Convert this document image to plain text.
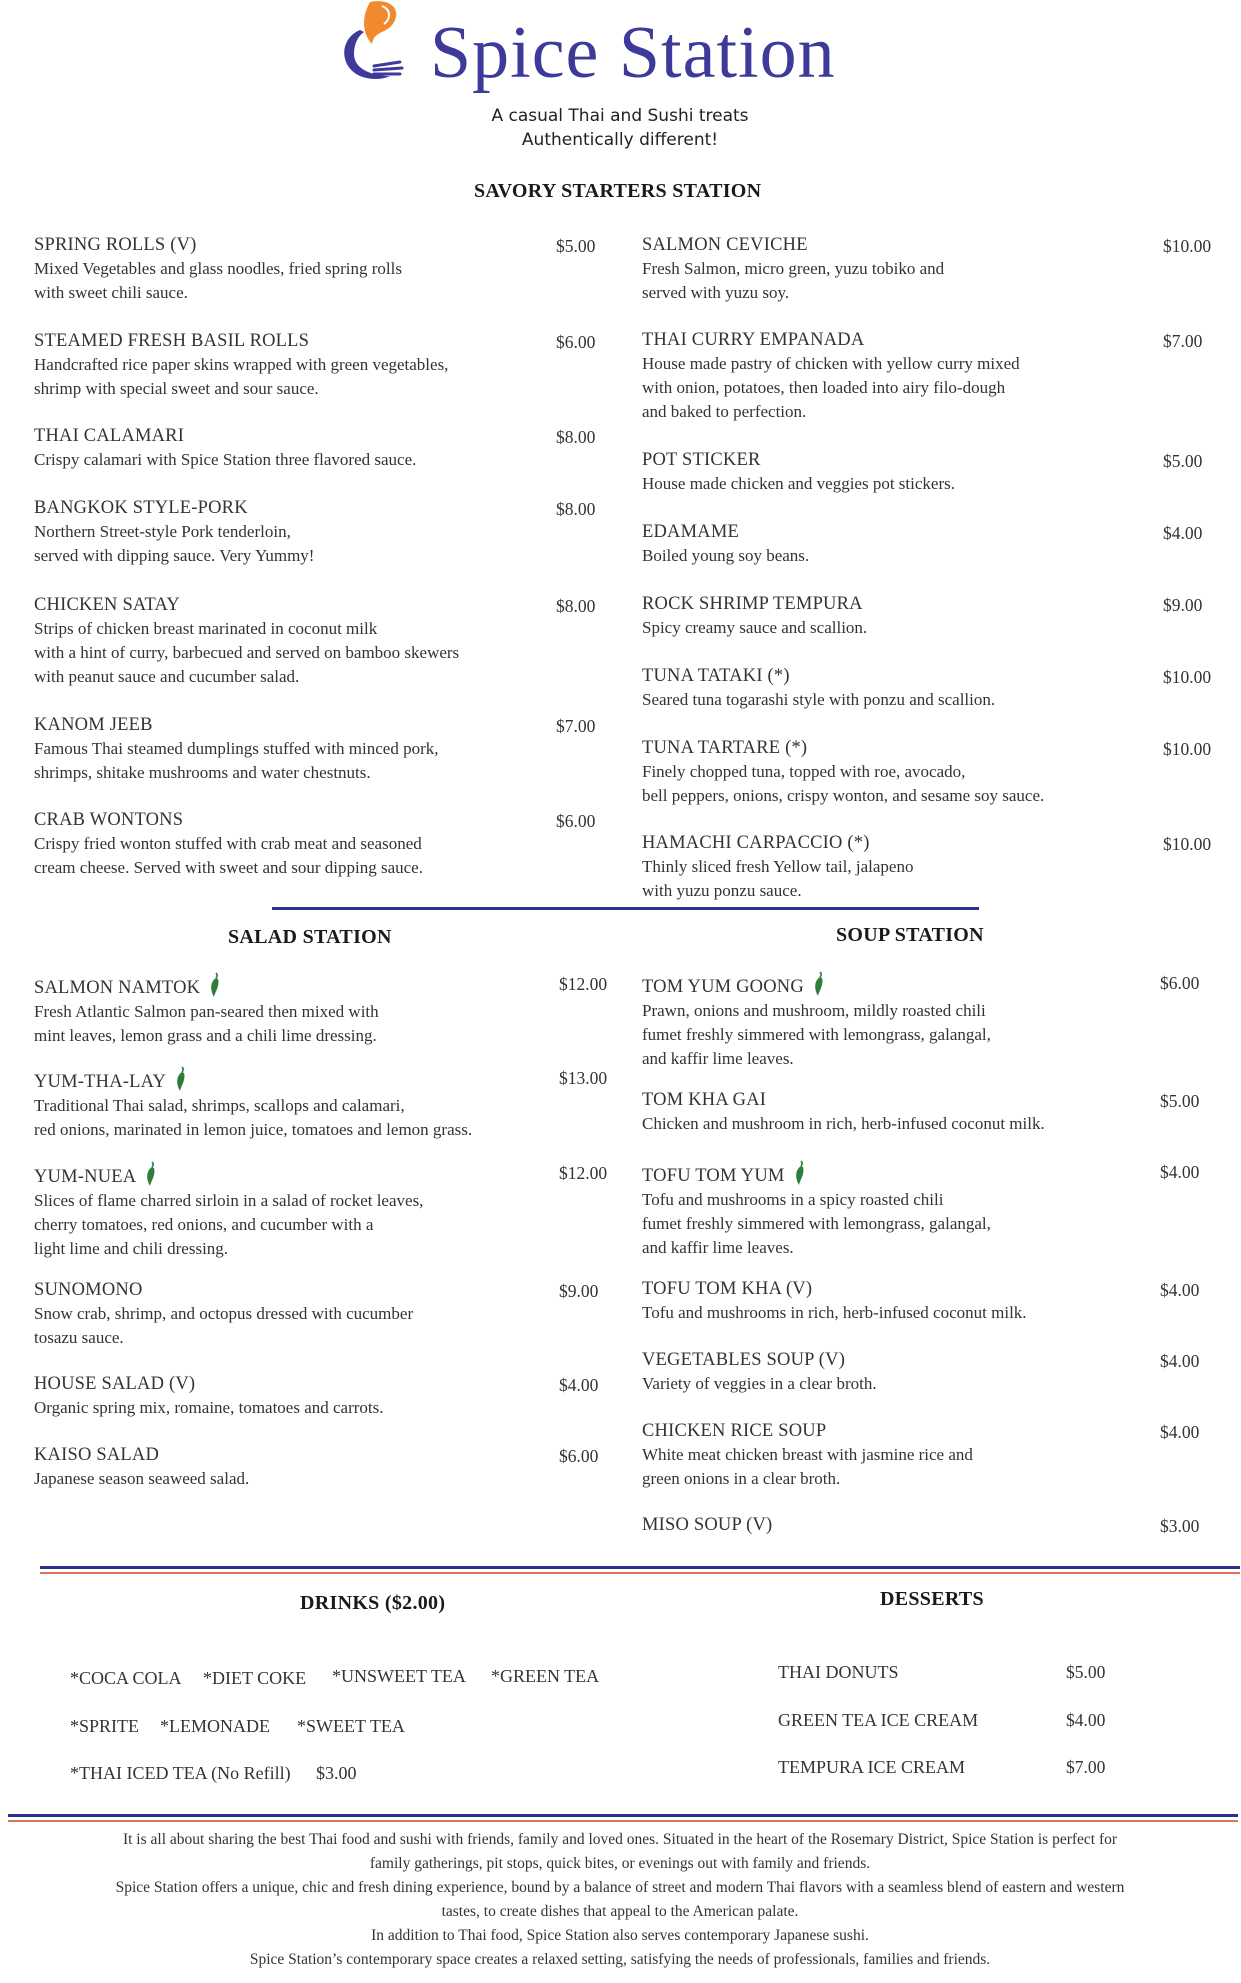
Spice Station
A casual Thai and Sushi treats
Authentically different!
SAVORY STARTERS STATION
SPRING ROLLS (V)
Mixed Vegetables and glass noodles, fried spring rolls
with sweet chili sauce.
$5.00
STEAMED FRESH BASIL ROLLS
Handcrafted rice paper skins wrapped with green vegetables,
shrimp with special sweet and sour sauce.
$6.00
THAI CALAMARI
Crispy calamari with Spice Station three flavored sauce.
$8.00
BANGKOK STYLE-PORK
Northern Street-style Pork tenderloin,
served with dipping sauce. Very Yummy!
$8.00
CHICKEN SATAY
Strips of chicken breast marinated in coconut milk
with a hint of curry, barbecued and served on bamboo skewers
with peanut sauce and cucumber salad.
$8.00
KANOM JEEB
Famous Thai steamed dumplings stuffed with minced pork,
shrimps, shitake mushrooms and water chestnuts.
$7.00
CRAB WONTONS
Crispy fried wonton stuffed with crab meat and seasoned
cream cheese. Served with sweet and sour dipping sauce.
$6.00
SALMON CEVICHE
Fresh Salmon, micro green, yuzu tobiko and
served with yuzu soy.
$10.00
THAI CURRY EMPANADA
House made pastry of chicken with yellow curry mixed
with onion, potatoes, then loaded into airy filo-dough
and baked to perfection.
$7.00
POT STICKER
House made chicken and veggies pot stickers.
$5.00
EDAMAME
Boiled young soy beans.
$4.00
ROCK SHRIMP TEMPURA
Spicy creamy sauce and scallion.
$9.00
TUNA TATAKI (*)
Seared tuna togarashi style with ponzu and scallion.
$10.00
TUNA TARTARE (*)
Finely chopped tuna, topped with roe, avocado,
bell peppers, onions, crispy wonton, and sesame soy sauce.
$10.00
HAMACHI CARPACCIO (*)
Thinly sliced fresh Yellow tail, jalapeno
with yuzu ponzu sauce.
$10.00
SALAD STATION	SOUP STATION
SALMON NAMTOK
Fresh Atlantic Salmon pan-seared then mixed with
mint leaves, lemon grass and a chili lime dressing.
$12.00
YUM-THA-LAY
Traditional Thai salad, shrimps, scallops and calamari,
red onions, marinated in lemon juice, tomatoes and lemon grass.
$13.00
YUM-NUEA
Slices of flame charred sirloin in a salad of rocket leaves,
cherry tomatoes, red onions, and cucumber with a
light lime and chili dressing.
$12.00
SUNOMONO
Snow crab, shrimp, and octopus dressed with cucumber
tosazu sauce.
$9.00
HOUSE SALAD (V)
Organic spring mix, romaine, tomatoes and carrots.
$4.00
KAISO SALAD
Japanese season seaweed salad.
$6.00
TOM YUM GOONG
Prawn, onions and mushroom, mildly roasted chili
fumet freshly simmered with lemongrass, galangal,
and kaffir lime leaves.
$6.00
TOM KHA GAI
Chicken and mushroom in rich, herb-infused coconut milk.
$5.00
TOFU TOM YUM
Tofu and mushrooms in a spicy roasted chili
fumet freshly simmered with lemongrass, galangal,
and kaffir lime leaves.
$4.00
TOFU TOM KHA (V)
Tofu and mushrooms in rich, herb-infused coconut milk.
$4.00
VEGETABLES SOUP (V)
Variety of veggies in a clear broth.
$4.00
CHICKEN RICE SOUP
White meat chicken breast with jasmine rice and
green onions in a clear broth.
$4.00
MISO SOUP (V)	$3.00
DRINKS ($2.00)	DESSERTS
*COCA COLA *DIET COKE *UNSWEET TEA *GREEN TEA
*SPRITE *LEMONADE *SWEET TEA
*THAI ICED TEA (No Refill) $3.00
THAI DONUTS	$5.00
GREEN TEA ICE CREAM	$4.00
TEMPURA ICE CREAM	$7.00

It is all about sharing the best Thai food and sushi with friends, family and loved ones. Situated in the heart of the Rosemary District, Spice Station is perfect for

family gatherings, pit stops, quick bites, or evenings out with family and friends.

Spice Station offers a unique, chic and fresh dining experience, bound by a balance of street and modern Thai flavors with a seamless blend of eastern and western

tastes, to create dishes that appeal to the American palate.

In addition to Thai food, Spice Station also serves contemporary Japanese sushi.

Spice Station’s contemporary space creates a relaxed setting, satisfying the needs of professionals, families and friends.
